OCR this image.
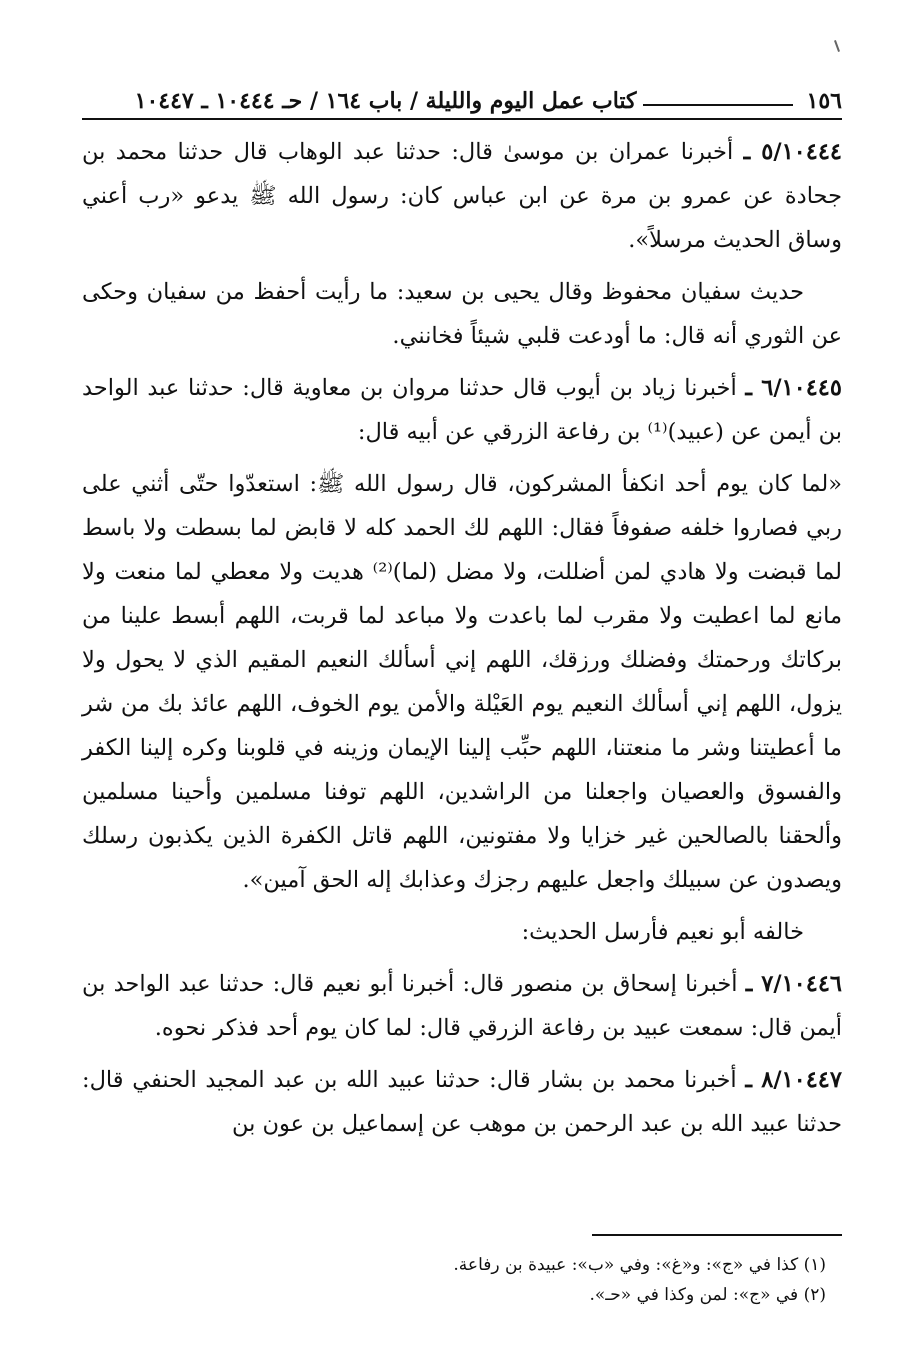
١٥٦
كتاب عمل اليوم والليلة / باب ١٦٤ / حـ ١٠٤٤٤ ـ ١٠٤٤٧

٥/١٠٤٤٤ ـ أخبرنا عمران بن موسىٰ قال: حدثنا عبد الوهاب قال حدثنا محمد بن جحادة عن عمرو بن مرة عن ابن عباس كان: رسول الله ﷺ يدعو «رب أعني وساق الحديث مرسلاً».

حديث سفيان محفوظ وقال يحيى بن سعيد: ما رأيت أحفظ من سفيان وحكى عن الثوري أنه قال: ما أودعت قلبي شيئاً فخانني.

٦/١٠٤٤٥ ـ أخبرنا زياد بن أيوب قال حدثنا مروان بن معاوية قال: حدثنا عبد الواحد بن أيمن عن (عبيد)⁽¹⁾ بن رفاعة الزرقي عن أبيه قال:

«لما كان يوم أحد انكفأ المشركون، قال رسول الله ﷺ: استعدّوا حتّى أثني على ربي فصاروا خلفه صفوفاً فقال: اللهم لك الحمد كله لا قابض لما بسطت ولا باسط لما قبضت ولا هادي لمن أضللت، ولا مضل (لما)⁽²⁾ هديت ولا معطي لما منعت ولا مانع لما اعطيت ولا مقرب لما باعدت ولا مباعد لما قربت، اللهم أبسط علينا من بركاتك ورحمتك وفضلك ورزقك، اللهم إني أسألك النعيم المقيم الذي لا يحول ولا يزول، اللهم إني أسألك النعيم يوم العَيْلة والأمن يوم الخوف، اللهم عائذ بك من شر ما أعطيتنا وشر ما منعتنا، اللهم حبِّب إلينا الإيمان وزينه في قلوبنا وكره إلينا الكفر والفسوق والعصيان واجعلنا من الراشدين، اللهم توفنا مسلمين وأحينا مسلمين وألحقنا بالصالحين غير خزايا ولا مفتونين، اللهم قاتل الكفرة الذين يكذبون رسلك ويصدون عن سبيلك واجعل عليهم رجزك وعذابك إله الحق آمين».

خالفه أبو نعيم فأرسل الحديث:

٧/١٠٤٤٦ ـ أخبرنا إسحاق بن منصور قال: أخبرنا أبو نعيم قال: حدثنا عبد الواحد بن أيمن قال: سمعت عبيد بن رفاعة الزرقي قال: لما كان يوم أحد فذكر نحوه.

٨/١٠٤٤٧ ـ أخبرنا محمد بن بشار قال: حدثنا عبيد الله بن عبد المجيد الحنفي قال: حدثنا عبيد الله بن عبد الرحمن بن موهب عن إسماعيل بن عون بن

(١) كذا في «ج»: و«غ»: وفي «ب»: عبيدة بن رفاعة.
(٢) في «ج»: لمن وكذا في «حـ».
